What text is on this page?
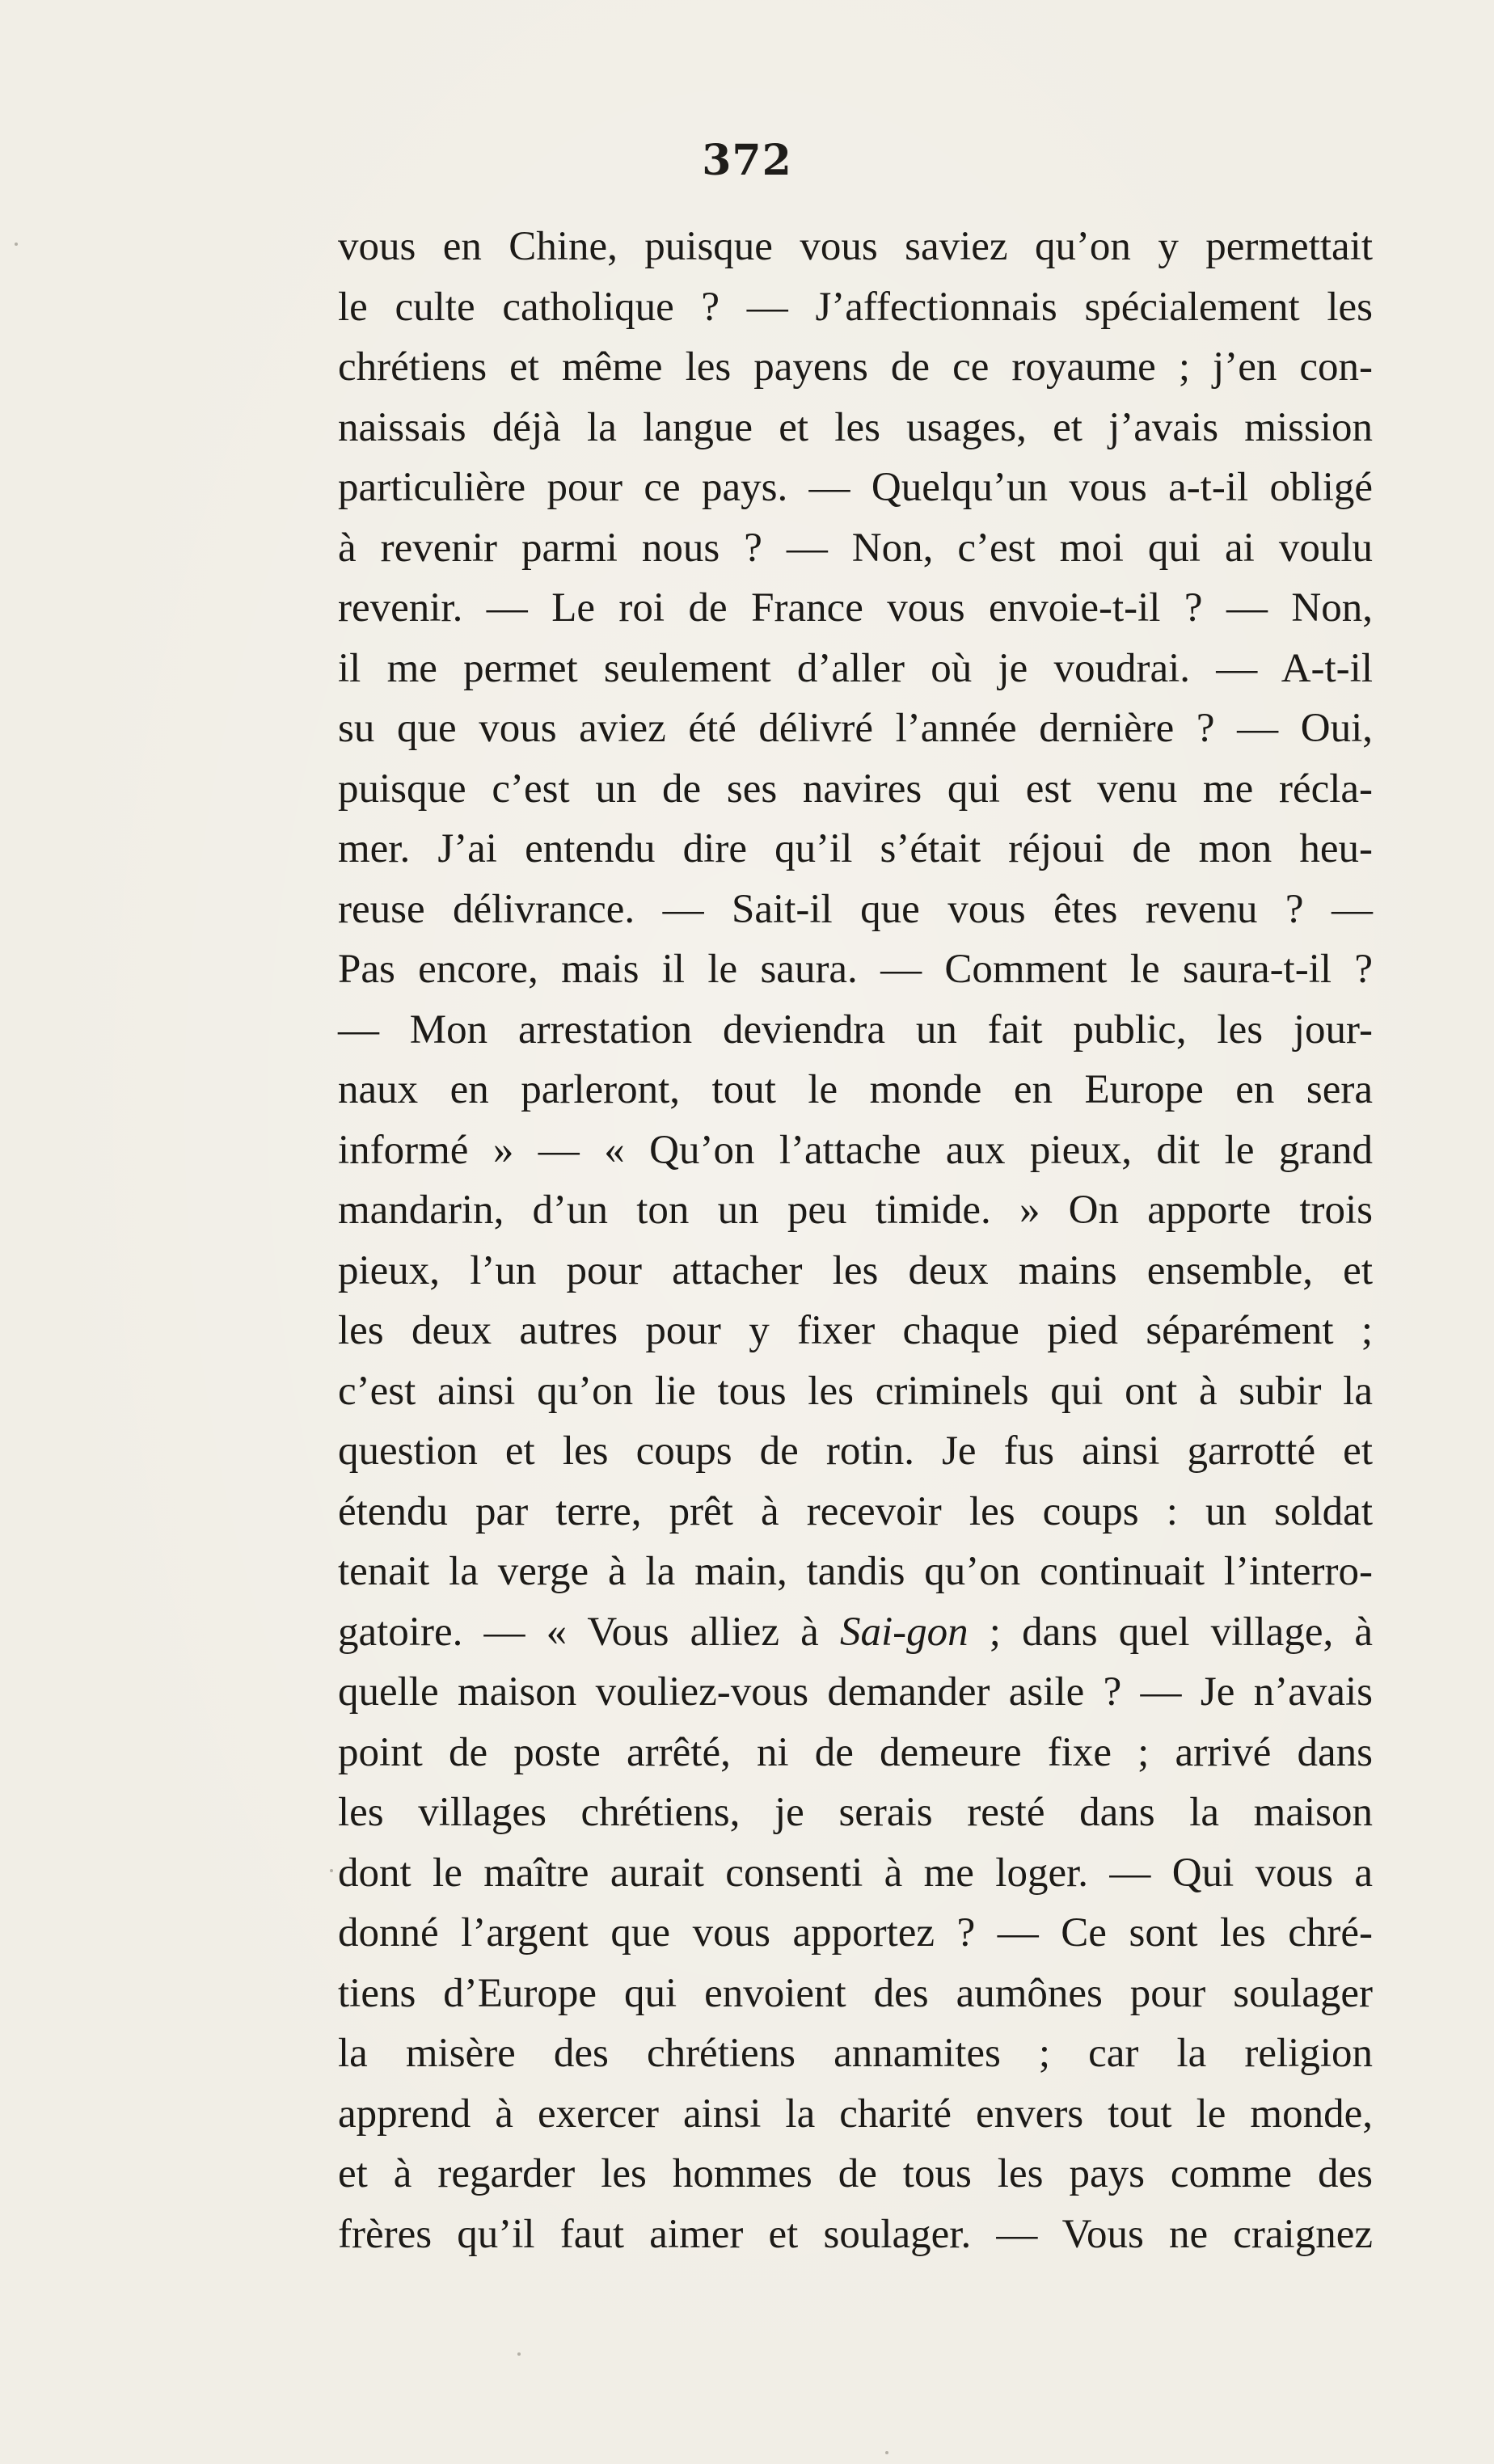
372
vous en Chine, puisque vous saviez qu’on y permettait
le culte catholique ? — J’affectionnais spécialement les
chrétiens et même les payens de ce royaume ; j’en con-
naissais déjà la langue et les usages, et j’avais mission
particulière pour ce pays. — Quelqu’un vous a-t-il obligé
à revenir parmi nous ? — Non, c’est moi qui ai voulu
revenir. — Le roi de France vous envoie-t-il ? — Non,
il me permet seulement d’aller où je voudrai. — A-t-il
su que vous aviez été délivré l’année dernière ? — Oui,
puisque c’est un de ses navires qui est venu me récla-
mer. J’ai entendu dire qu’il s’était réjoui de mon heu-
reuse délivrance. — Sait-il que vous êtes revenu ? —
Pas encore, mais il le saura. — Comment le saura-t-il ?
— Mon arrestation deviendra un fait public, les jour-
naux en parleront, tout le monde en Europe en sera
informé » — « Qu’on l’attache aux pieux, dit le grand
mandarin, d’un ton un peu timide. » On apporte trois
pieux, l’un pour attacher les deux mains ensemble, et
les deux autres pour y fixer chaque pied séparément ;
c’est ainsi qu’on lie tous les criminels qui ont à subir la
question et les coups de rotin. Je fus ainsi garrotté et
étendu par terre, prêt à recevoir les coups : un soldat
tenait la verge à la main, tandis qu’on continuait l’interro-
gatoire. — « Vous alliez à Sai-gon ; dans quel village, à
quelle maison vouliez-vous demander asile ? — Je n’avais
point de poste arrêté, ni de demeure fixe ; arrivé dans
les villages chrétiens, je serais resté dans la maison
dont le maître aurait consenti à me loger. — Qui vous a
donné l’argent que vous apportez ? — Ce sont les chré-
tiens d’Europe qui envoient des aumônes pour soulager
la misère des chrétiens annamites ; car la religion
apprend à exercer ainsi la charité envers tout le monde,
et à regarder les hommes de tous les pays comme des
frères qu’il faut aimer et soulager. — Vous ne craignez
